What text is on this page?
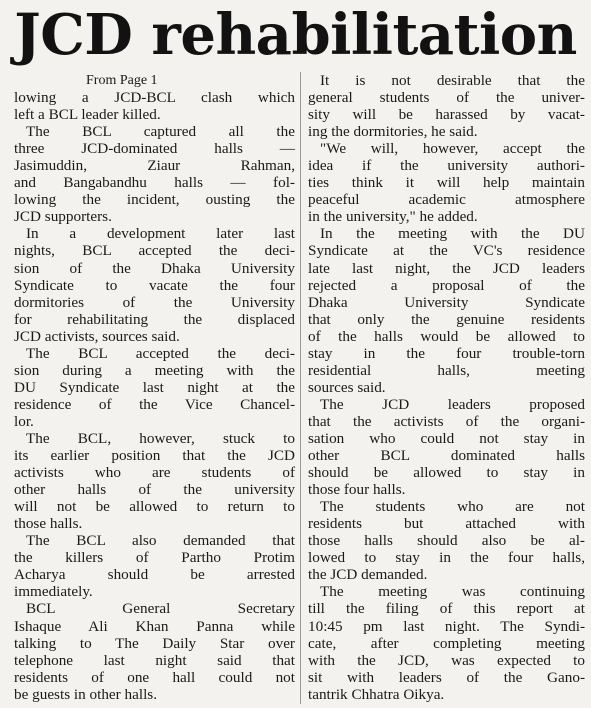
JCD rehabilitation
From Page 1
lowing a JCD-BCL clash which
left a BCL leader killed.
The BCL captured all the
three JCD-dominated halls —
Jasimuddin, Ziaur Rahman,
and Bangabandhu halls — fol-
lowing the incident, ousting the
JCD supporters.
In a development later last
nights, BCL accepted the deci-
sion of the Dhaka University
Syndicate to vacate the four
dormitories of the University
for rehabilitating the displaced
JCD activists, sources said.
The BCL accepted the deci-
sion during a meeting with the
DU Syndicate last night at the
residence of the Vice Chancel-
lor.
The BCL, however, stuck to
its earlier position that the JCD
activists who are students of
other halls of the university
will not be allowed to return to
those halls.
The BCL also demanded that
the killers of Partho Protim
Acharya should be arrested
immediately.
BCL General Secretary
Ishaque Ali Khan Panna while
talking to The Daily Star over
telephone last night said that
residents of one hall could not
be guests in other halls.
It is not desirable that the
general students of the univer-
sity will be harassed by vacat-
ing the dormitories, he said.
"We will, however, accept the
idea if the university authori-
ties think it will help maintain
peaceful academic atmosphere
in the university," he added.
In the meeting with the DU
Syndicate at the VC's residence
late last night, the JCD leaders
rejected a proposal of the
Dhaka University Syndicate
that only the genuine residents
of the halls would be allowed to
stay in the four trouble-torn
residential halls, meeting
sources said.
The JCD leaders proposed
that the activists of the organi-
sation who could not stay in
other BCL dominated halls
should be allowed to stay in
those four halls.
The students who are not
residents but attached with
those halls should also be al-
lowed to stay in the four halls,
the JCD demanded.
The meeting was continuing
till the filing of this report at
10:45 pm last night. The Syndi-
cate, after completing meeting
with the JCD, was expected to
sit with leaders of the Gano-
tantrik Chhatra Oikya.
